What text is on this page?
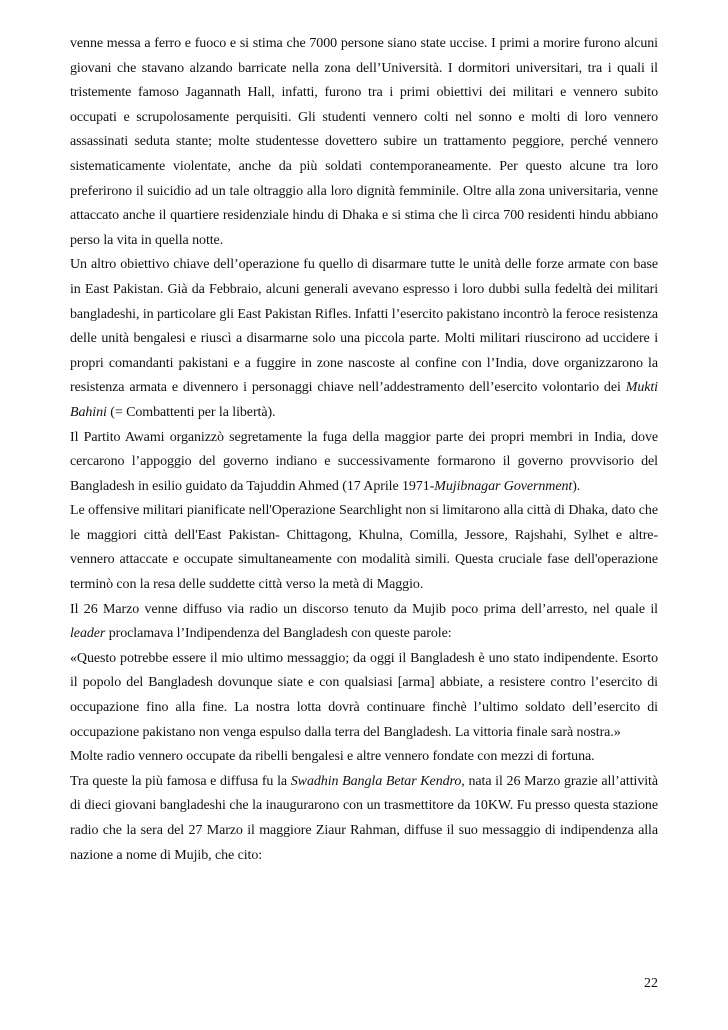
venne messa a ferro e fuoco e si stima che 7000 persone siano state uccise. I primi a morire furono alcuni giovani che stavano alzando barricate nella zona dell’Università. I dormitori universitari, tra i quali il tristemente famoso Jagannath Hall, infatti, furono tra i primi obiettivi dei militari e vennero subito occupati e scrupolosamente perquisiti. Gli studenti vennero colti nel sonno e molti di loro vennero assassinati seduta stante; molte studentesse dovettero subire un trattamento peggiore, perché vennero sistematicamente violentate, anche da più soldati contemporaneamente. Per questo alcune tra loro preferirono il suicidio ad un tale oltraggio alla loro dignità femminile. Oltre alla zona universitaria, venne attaccato anche il quartiere residenziale hindu di Dhaka e si stima che lì circa 700 residenti hindu abbiano perso la vita in quella notte.

Un altro obiettivo chiave dell’operazione fu quello di disarmare tutte le unità delle forze armate con base in East Pakistan. Già da Febbraio, alcuni generali avevano espresso i loro dubbi sulla fedeltà dei militari bangladeshi, in particolare gli East Pakistan Rifles. Infatti l’esercito pakistano incontrò la feroce resistenza delle unità bengalesi e riuscì a disarmarne solo una piccola parte. Molti militari riuscirono ad uccidere i propri comandanti pakistani e a fuggire in zone nascoste al confine con l’India, dove organizzarono la resistenza armata e divennero i personaggi chiave nell’addestramento dell’esercito volontario dei Mukti Bahini (= Combattenti per la libertà).

Il Partito Awami organizzò segretamente la fuga della maggior parte dei propri membri in India, dove cercarono l’appoggio del governo indiano e successivamente formarono il governo provvisorio del Bangladesh in esilio guidato da Tajuddin Ahmed (17 Aprile 1971-Mujibnagar Government).

Le offensive militari pianificate nell'Operazione Searchlight non si limitarono alla città di Dhaka, dato che le maggiori città dell'East Pakistan- Chittagong, Khulna, Comilla, Jessore, Rajshahi, Sylhet e altre- vennero attaccate e occupate simultaneamente con modalità simili. Questa cruciale fase dell'operazione terminò con la resa delle suddette città verso la metà di Maggio.

Il 26 Marzo venne diffuso via radio un discorso tenuto da Mujib poco prima dell’arresto, nel quale il leader proclamava l’Indipendenza del Bangladesh con queste parole:

«Questo potrebbe essere il mio ultimo messaggio; da oggi il Bangladesh è uno stato indipendente. Esorto il popolo del Bangladesh dovunque siate e con qualsiasi [arma] abbiate, a resistere contro l’esercito di occupazione fino alla fine. La nostra lotta dovrà continuare finchè l’ultimo soldato dell’esercito di occupazione pakistano non venga espulso dalla terra del Bangladesh. La vittoria finale sarà nostra.»

Molte radio vennero occupate da ribelli bengalesi e altre vennero fondate con mezzi di fortuna.

Tra queste la più famosa e diffusa fu la Swadhin Bangla Betar Kendro, nata il 26 Marzo grazie all’attività di dieci giovani bangladeshi che la inaugurarono con un trasmettitore da 10KW. Fu presso questa stazione radio che la sera del 27 Marzo il maggiore Ziaur Rahman, diffuse il suo messaggio di indipendenza alla nazione a nome di Mujib, che cito:

22
